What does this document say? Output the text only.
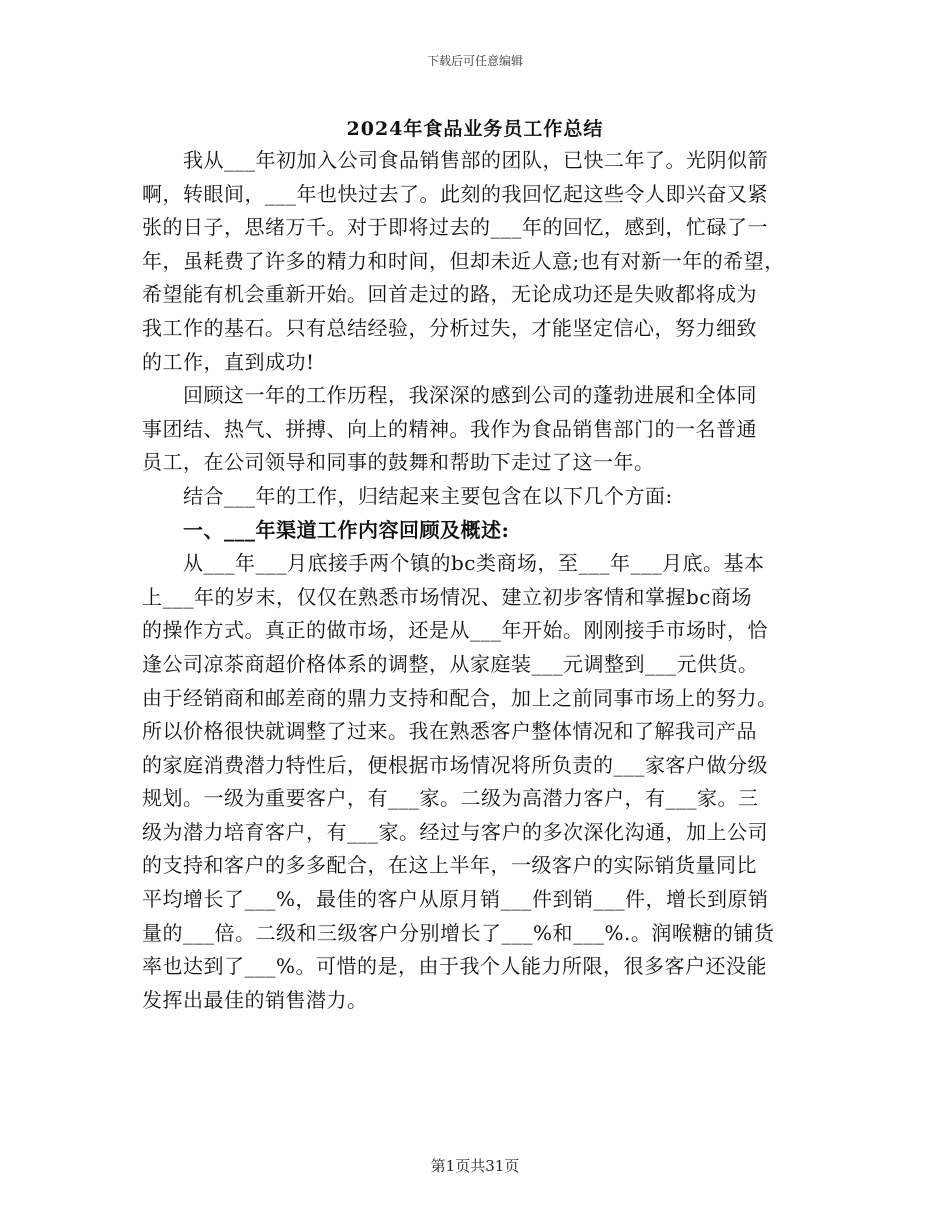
下载后可任意编辑
2024年食品业务员工作总结
　　我从___年初加入公司食品销售部的团队，已快二年了。光阴似箭
啊，转眼间，___年也快过去了。此刻的我回忆起这些令人即兴奋又紧
张的日子，思绪万千。对于即将过去的___年的回忆，感到，忙碌了一
年，虽耗费了许多的精力和时间，但却未近人意;也有对新一年的希望，
希望能有机会重新开始。回首走过的路，无论成功还是失败都将成为
我工作的基石。只有总结经验，分析过失，才能坚定信心，努力细致
的工作，直到成功!
　　回顾这一年的工作历程，我深深的感到公司的蓬勃进展和全体同
事团结、热气、拼搏、向上的精神。我作为食品销售部门的一名普通
员工，在公司领导和同事的鼓舞和帮助下走过了这一年。
　　结合___年的工作，归结起来主要包含在以下几个方面:
　　一、___年渠道工作内容回顾及概述:
　　从___年___月底接手两个镇的bc类商场，至___年___月底。基本
上___年的岁末，仅仅在熟悉市场情况、建立初步客情和掌握bc商场
的操作方式。真正的做市场，还是从___年开始。刚刚接手市场时，恰
逢公司凉茶商超价格体系的调整，从家庭装___元调整到___元供货。
由于经销商和邮差商的鼎力支持和配合，加上之前同事市场上的努力。
所以价格很快就调整了过来。我在熟悉客户整体情况和了解我司产品
的家庭消费潜力特性后，便根据市场情况将所负责的___家客户做分级
规划。一级为重要客户，有___家。二级为高潜力客户，有___家。三
级为潜力培育客户，有___家。经过与客户的多次深化沟通，加上公司
的支持和客户的多多配合，在这上半年，一级客户的实际销货量同比
平均增长了___%，最佳的客户从原月销___件到销___件，增长到原销
量的___倍。二级和三级客户分别增长了___%和___%.。润喉糖的铺货
率也达到了___%。可惜的是，由于我个人能力所限，很多客户还没能
发挥出最佳的销售潜力。
第1页共31页
